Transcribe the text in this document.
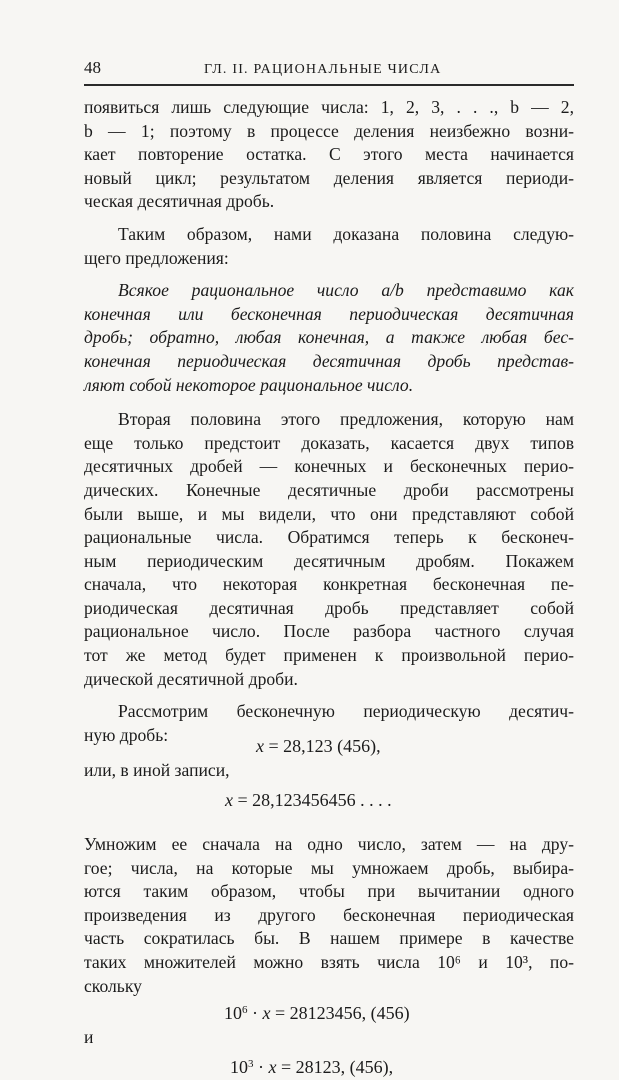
48	ГЛ. II. РАЦИОНАЛЬНЫЕ ЧИСЛА
появиться лишь следующие числа: 1, 2, 3, . . ., b — 2,
b — 1; поэтому в процессе деления неизбежно возни-
кает повторение остатка. С этого места начинается
новый цикл; результатом деления является периоди-
ческая десятичная дробь.
Таким образом, нами доказана половина следую-
щего предложения:
Всякое рациональное число a/b представимо как
конечная или бесконечная периодическая десятичная
дробь; обратно, любая конечная, а также любая бес-
конечная периодическая десятичная дробь представ-
ляют собой некоторое рациональное число.
Вторая половина этого предложения, которую нам
еще только предстоит доказать, касается двух типов
десятичных дробей — конечных и бесконечных перио-
дических. Конечные десятичные дроби рассмотрены
были выше, и мы видели, что они представляют собой
рациональные числа. Обратимся теперь к бесконеч-
ным периодическим десятичным дробям. Покажем
сначала, что некоторая конкретная бесконечная пе-
риодическая десятичная дробь представляет собой
рациональное число. После разбора частного случая
тот же метод будет применен к произвольной перио-
дической десятичной дроби.
Рассмотрим бесконечную периодическую десятич-
ную дробь:
x = 28,123 (456),
или, в иной записи,
x = 28,123456456 . . . .
Умножим ее сначала на одно число, затем — на дру-
гое; числа, на которые мы умножаем дробь, выбира-
ются таким образом, чтобы при вычитании одного
произведения из другого бесконечная периодическая
часть сократилась бы. В нашем примере в качестве
таких множителей можно взять числа 10⁶ и 10³, по-
скольку
$10^6 \cdot x = 28123456$, (456)
и
$10^3 \cdot x = 28123$, (456),
